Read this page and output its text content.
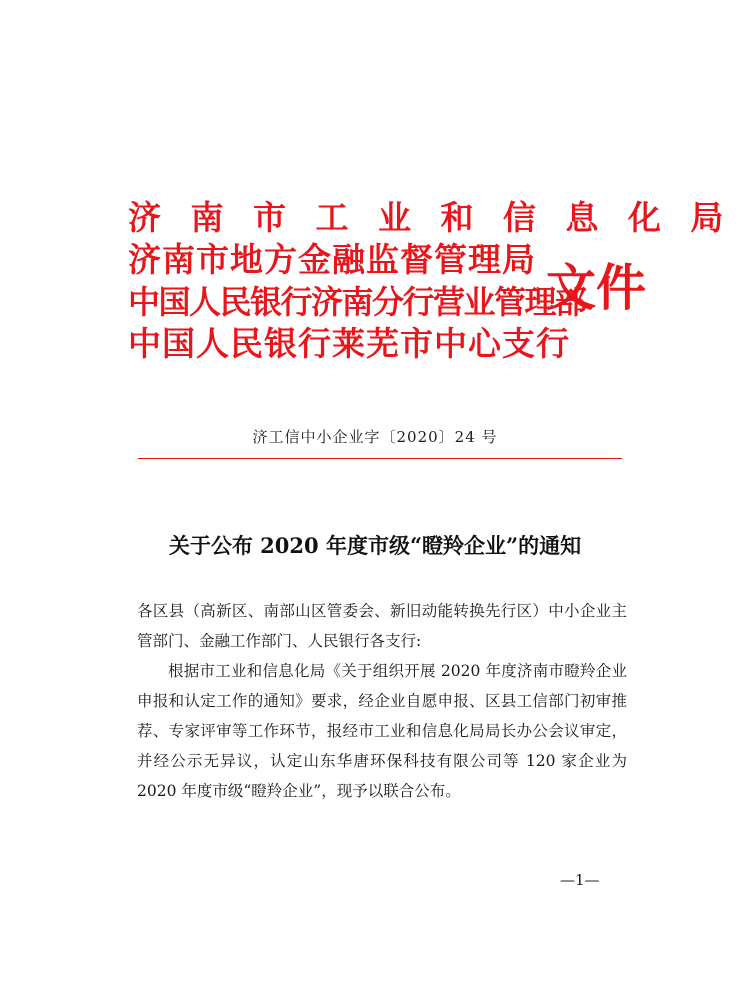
济 南 市 工 业 和 信 息 化 局
济南市地方金融监督管理局
中国人民银行济南分行营业管理部
中国人民银行莱芜市中心支行
文件
济工信中小企业字〔2020〕24 号
关于公布 2020 年度市级“瞪羚企业”的通知

各区县（高新区、南部山区管委会、新旧动能转换先行区）中小企业主管部门、金融工作部门、人民银行各支行:

根据市工业和信息化局《关于组织开展 2020 年度济南市瞪羚企业申报和认定工作的通知》要求，经企业自愿申报、区县工信部门初审推荐、专家评审等工作环节，报经市工业和信息化局局长办公会议审定，并经公示无异议，认定山东华唐环保科技有限公司等 120 家企业为 2020 年度市级“瞪羚企业”，现予以联合公布。

—1—
